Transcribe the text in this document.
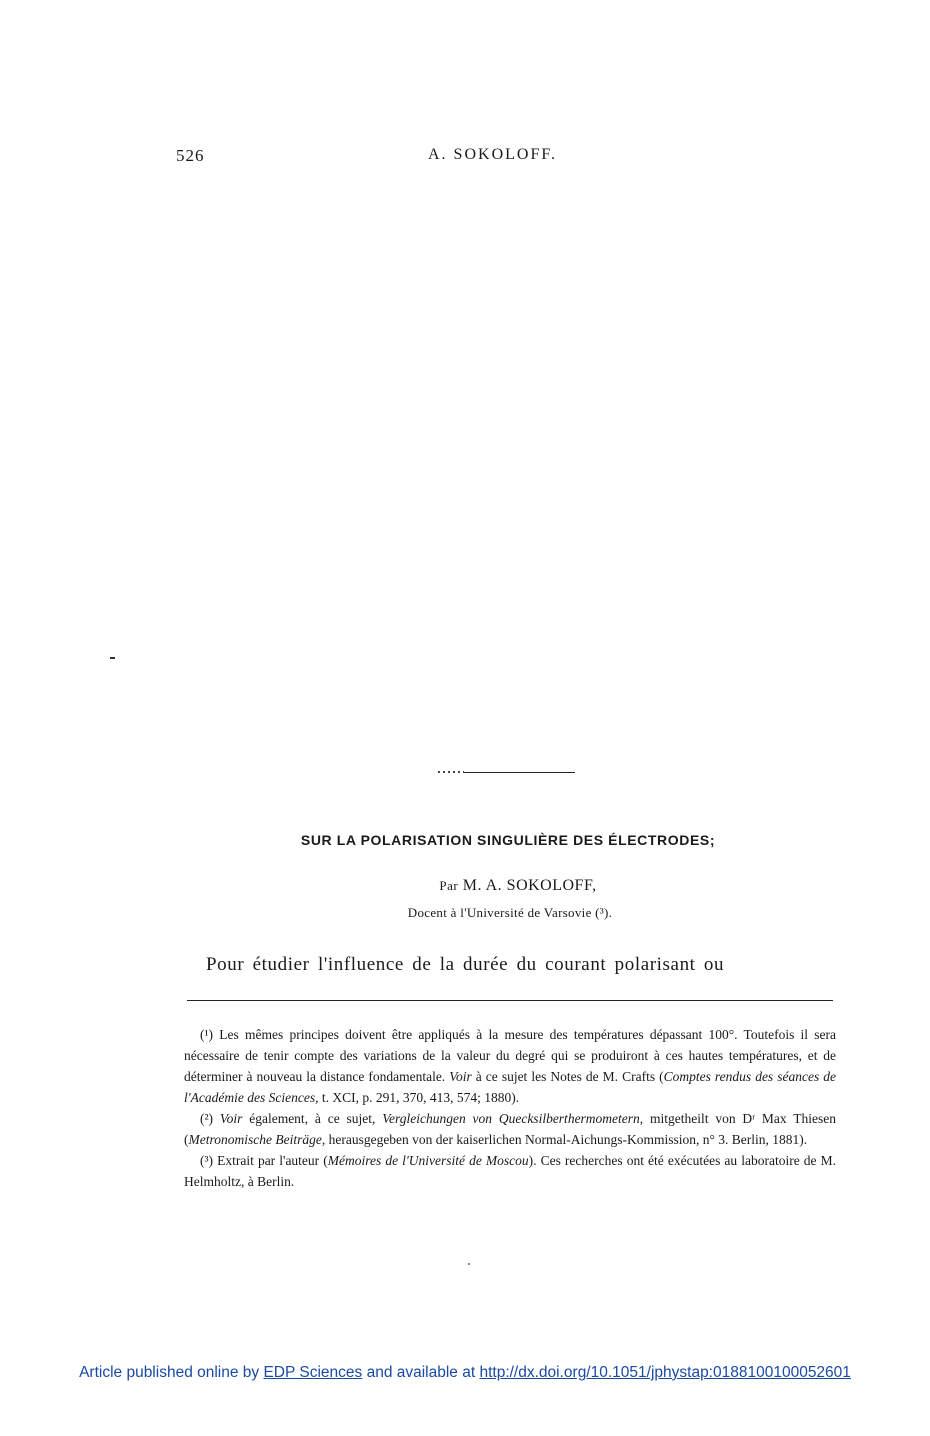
526	A. SOKOLOFF.
SUR LA POLARISATION SINGULIÈRE DES ÉLECTRODES;
Par M. A. SOKOLOFF,
Docent à l'Université de Varsovie (³).
Pour étudier l'influence de la durée du courant polarisant ou

(¹) Les mêmes principes doivent être appliqués à la mesure des températures dépassant 100°. Toutefois il sera nécessaire de tenir compte des variations de la valeur du degré qui se produiront à ces hautes températures, et de déterminer à nouveau la distance fondamentale. Voir à ce sujet les Notes de M. Crafts (Comptes rendus des séances de l'Académie des Sciences, t. XCI, p. 291, 370, 413, 574; 1880).

(²) Voir également, à ce sujet, Vergleichungen von Quecksilberthermometern, mitgetheilt von Dʳ Max Thiesen (Metronomische Beiträge, herausgegeben von der kaiserlichen Normal-Aichungs-Kommission, n° 3. Berlin, 1881).

(³) Extrait par l'auteur (Mémoires de l'Université de Moscou). Ces recherches ont été exécutées au laboratoire de M. Helmholtz, à Berlin.

Article published online by EDP Sciences and available at http://dx.doi.org/10.1051/jphystap:0188100100052601
